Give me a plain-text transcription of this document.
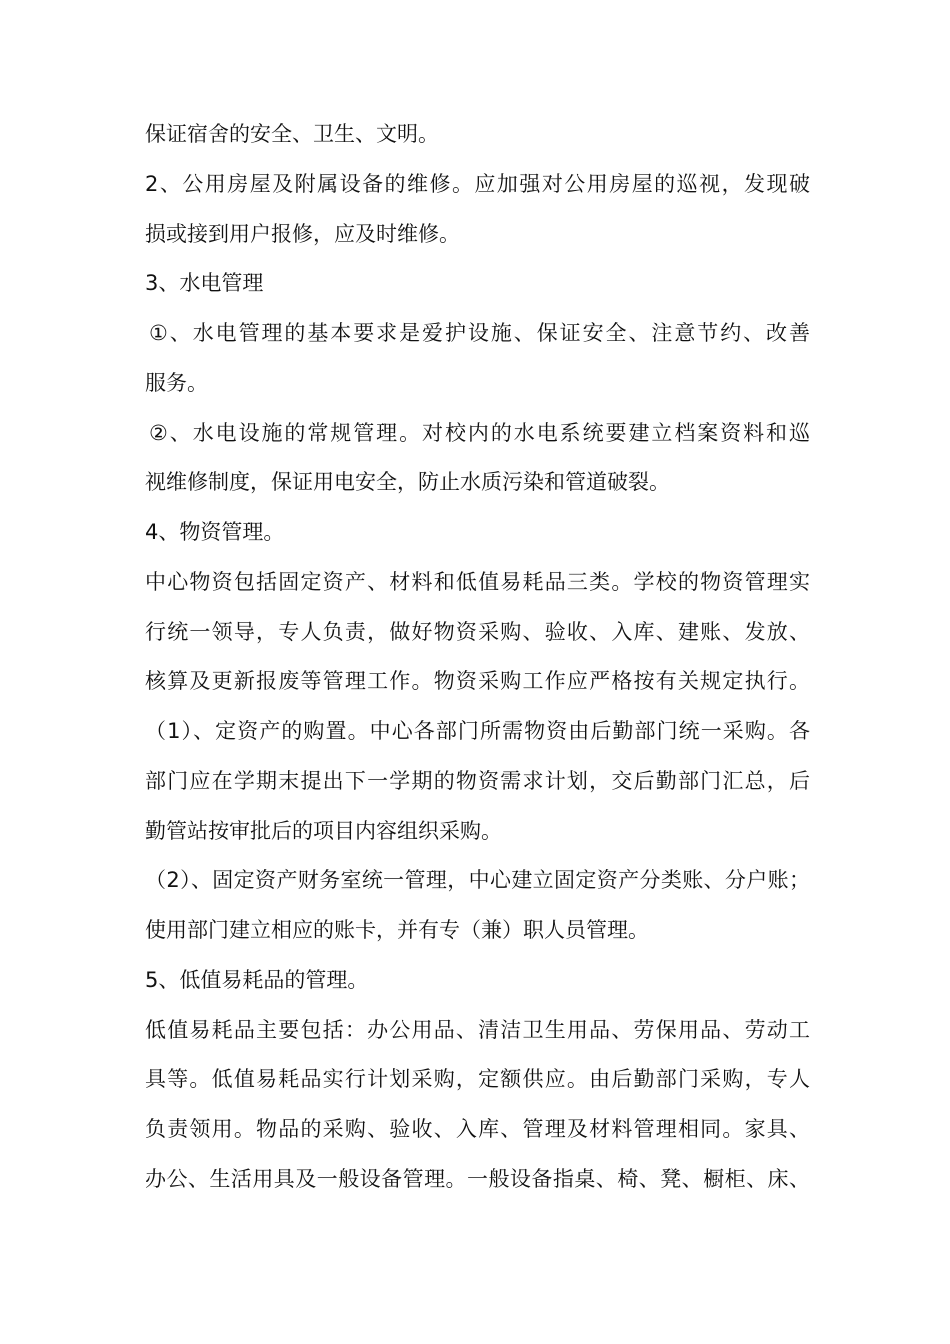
保证宿舍的安全、卫生、文明。
2、公用房屋及附属设备的维修。应加强对公用房屋的巡视，发现破
损或接到用户报修，应及时维修。
3、水电管理
①、水电管理的基本要求是爱护设施、保证安全、注意节约、改善
服务。
②、水电设施的常规管理。对校内的水电系统要建立档案资料和巡
视维修制度，保证用电安全，防止水质污染和管道破裂。
4、物资管理。
中心物资包括固定资产、材料和低值易耗品三类。学校的物资管理实
行统一领导，专人负责，做好物资采购、验收、入库、建账、发放、
核算及更新报废等管理工作。物资采购工作应严格按有关规定执行。
（1）、定资产的购置。中心各部门所需物资由后勤部门统一采购。各
部门应在学期末提出下一学期的物资需求计划，交后勤部门汇总，后
勤管站按审批后的项目内容组织采购。
（2）、固定资产财务室统一管理，中心建立固定资产分类账、分户账；
使用部门建立相应的账卡，并有专（兼）职人员管理。
5、低值易耗品的管理。
低值易耗品主要包括：办公用品、清洁卫生用品、劳保用品、劳动工
具等。低值易耗品实行计划采购，定额供应。由后勤部门采购，专人
负责领用。物品的采购、验收、入库、管理及材料管理相同。家具、
办公、生活用具及一般设备管理。一般设备指桌、椅、凳、橱柜、床、
